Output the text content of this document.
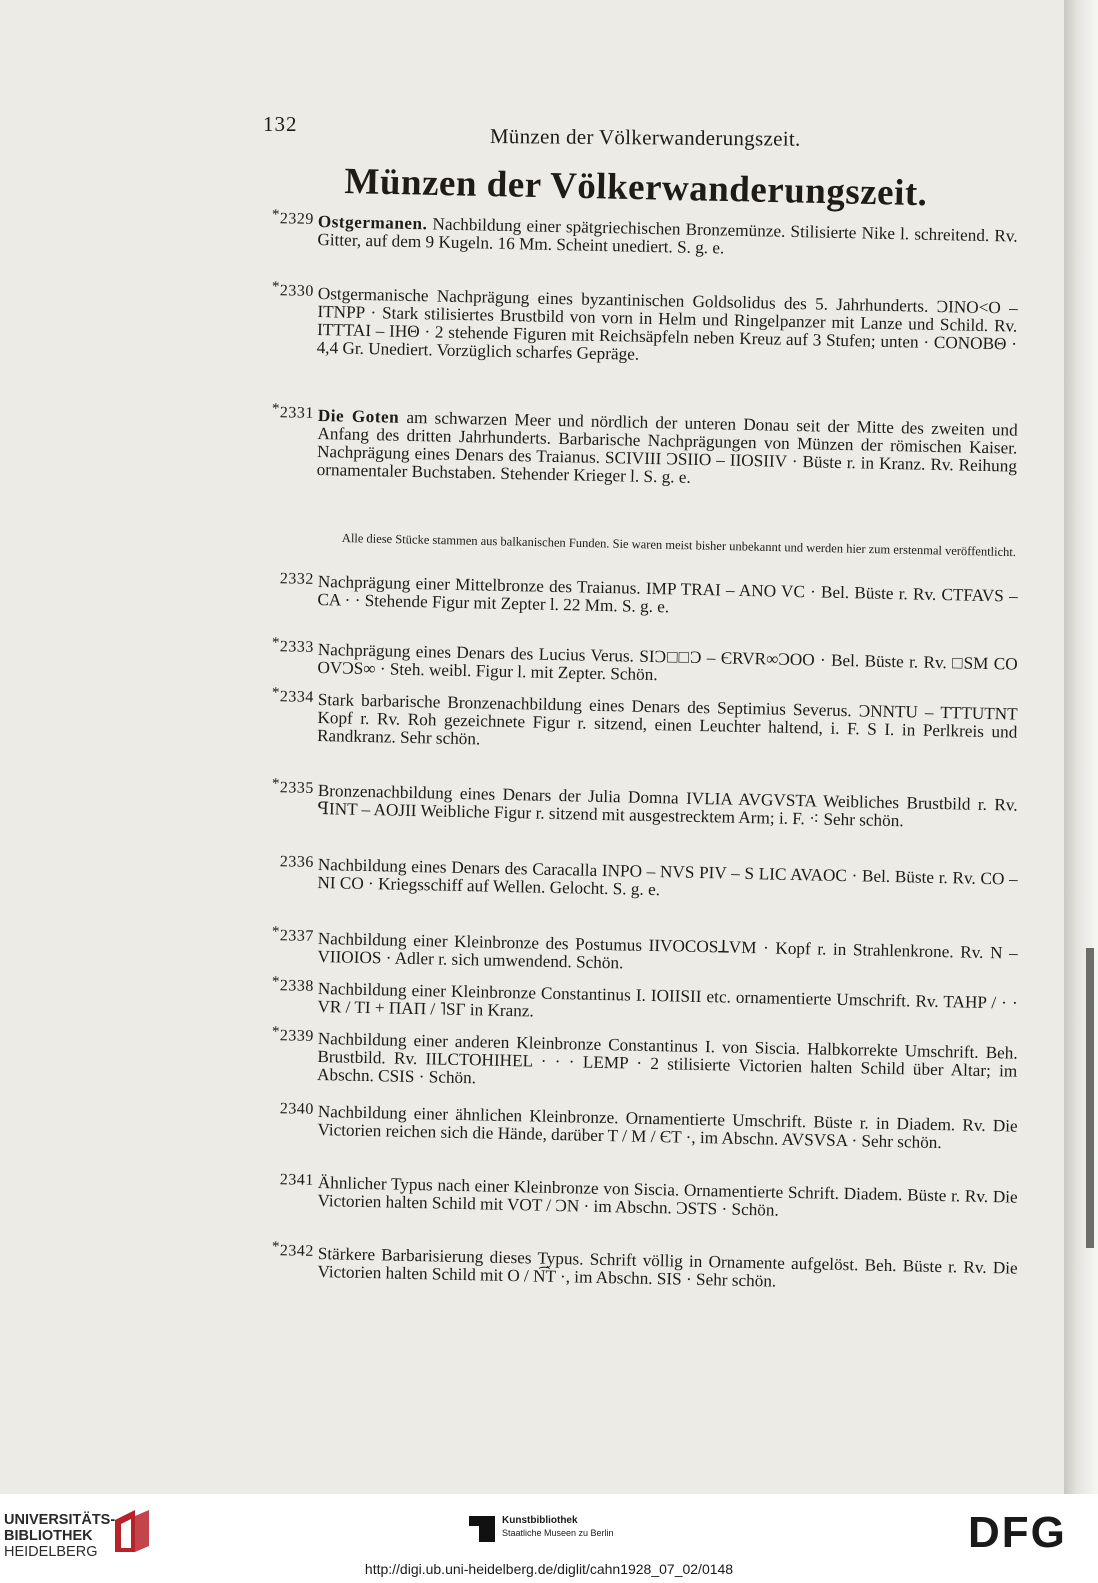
132	Münzen der Völkerwanderungszeit.
Münzen der Völkerwanderungszeit.
*2329 Ostgermanen. Nachbildung einer spätgriechischen Bronzemünze. Stilisierte Nike l. schreitend. Rv. Gitter, auf dem 9 Kugeln. 16 Mm. Scheint unediert. S. g. e.
*2330 Ostgermanische Nachprägung eines byzantinischen Goldsolidus des 5. Jahrhunderts. ƆINO<O – ITNPP · Stark stilisiertes Brustbild von vorn in Helm und Ringelpanzer mit Lanze und Schild. Rv. ITTTAI – IHΘ · 2 stehende Figuren mit Reichsäpfeln neben Kreuz auf 3 Stufen; unten · CONOBΘ · 4,4 Gr. Unediert. Vorzüglich scharfes Gepräge.
*2331 Die Goten am schwarzen Meer und nördlich der unteren Donau seit der Mitte des zweiten und Anfang des dritten Jahrhunderts. Barbarische Nachprägungen von Münzen der römischen Kaiser. Nachprägung eines Denars des Traianus. SCIVIII ƆSIIO – IIOSIIV · Büste r. in Kranz. Rv. Reihung ornamentaler Buchstaben. Stehender Krieger l. S. g. e.
Alle diese Stücke stammen aus balkanischen Funden. Sie waren meist bisher unbekannt und werden hier zum erstenmal veröffentlicht.
2332 Nachprägung einer Mittelbronze des Traianus. IMP TRAI – ANO VC · Bel. Büste r. Rv. CTFAVS – CA · · Stehende Figur mit Zepter l. 22 Mm. S. g. e.
*2333 Nachprägung eines Denars des Lucius Verus. SIƆ□□Ɔ – ЄRVR∞ƆOO · Bel. Büste r. Rv. □SM CO OVƆS∞ · Steh. weibl. Figur l. mit Zepter. Schön.
*2334 Stark barbarische Bronzenachbildung eines Denars des Septimius Severus. ƆNNTU – TTTUTNT Kopf r. Rv. Roh gezeichnete Figur r. sitzend, einen Leuchter haltend, i. F. S I. in Perlkreis und Randkranz. Sehr schön.
*2335 Bronzenachbildung eines Denars der Julia Domna IVLIA AVGVSTA Weibliches Brustbild r. Rv. ꟼINT – AOJII Weibliche Figur r. sitzend mit ausgestrecktem Arm; i. F. ⁖ Sehr schön.
2336 Nachbildung eines Denars des Caracalla INPO – NVS PIV – S LIC AVAOC · Bel. Büste r. Rv. CO – NI CO · Kriegsschiff auf Wellen. Gelocht. S. g. e.
*2337 Nachbildung einer Kleinbronze des Postumus IIVOCOSꓕVM · Kopf r. in Strahlenkrone. Rv. N – VIIOIOS · Adler r. sich umwendend. Schön.
*2338 Nachbildung einer Kleinbronze Constantinus I. IOIISII etc. ornamentierte Umschrift. Rv. TAHP / · · VR / TI + ΠAΠ / ˥SΓ in Kranz.
*2339 Nachbildung einer anderen Kleinbronze Constantinus I. von Siscia. Halbkorrekte Umschrift. Beh. Brustbild. Rv. IILCTOHIHEL · · · LEMP · 2 stilisierte Victorien halten Schild über Altar; im Abschn. CSIS · Schön.
2340 Nachbildung einer ähnlichen Kleinbronze. Ornamentierte Umschrift. Büste r. in Diadem. Rv. Die Victorien reichen sich die Hände, darüber T / M / ЄT ·, im Abschn. AVSVSA · Sehr schön.
2341 Ähnlicher Typus nach einer Kleinbronze von Siscia. Ornamentierte Schrift. Diadem. Büste r. Rv. Die Victorien halten Schild mit VOT / ƆN · im Abschn. ƆSTS · Schön.
*2342 Stärkere Barbarisierung dieses Typus. Schrift völlig in Ornamente aufgelöst. Beh. Büste r. Rv. Die Victorien halten Schild mit O / N͡T ·, im Abschn. SIS · Sehr schön.
UNIVERSITÄTS-
BIBLIOTHEK
HEIDELBERG
Kunstbibliothek
Staatliche Museen zu Berlin	DFG
http://digi.ub.uni-heidelberg.de/diglit/cahn1928_07_02/0148
